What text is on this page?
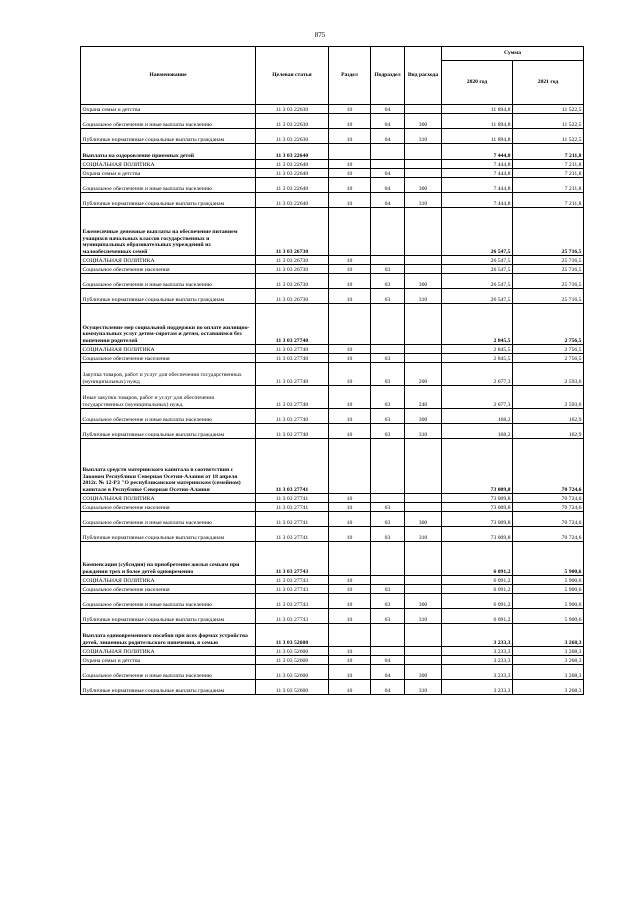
875
Наименование	Целевая статья	Раздел	Подраздел	Вид расхода	Сумма	
					2020 год	2021 год
Охрана семьи и детства	11 3 03 22630	10	04		11 894,8	11 522,5
Социальное обеспечение и иные выплаты населению	11 3 03 22630	10	04	300	11 894,8	11 522,5
Публичные нормативные социальные выплаты гражданам	11 3 03 22630	10	04	310	11 894,8	11 522,5
Выплаты на оздоровление приемных детей	11 3 03 22640				7 444,8	7 211,8
СОЦИАЛЬНАЯ ПОЛИТИКА	11 3 03 22640	10			7 444,8	7 211,8
Охрана семьи и детства	11 3 03 22640	10	04		7 444,8	7 211,8
Социальное обеспечение и иные выплаты населению	11 3 03 22640	10	04	300	7 444,8	7 211,8
Публичные нормативные социальные выплаты гражданам	11 3 03 22640	10	04	310	7 444,8	7 211,8
Ежемесячные денежные выплаты на обеспечение питанием учащихся начальных классов государственных и муниципальных образовательных учреждений из малообеспеченных семей	11 3 03 26730				26 547,5	25 716,5
СОЦИАЛЬНАЯ ПОЛИТИКА	11 3 03 26730	10			26 547,5	25 716,5
Социальное обеспечение населения	11 3 03 26730	10	03		26 547,5	25 716,5
Социальное обеспечение и иные выплаты населению	11 3 03 26730	10	03	300	26 547,5	25 716,5
Публичные нормативные социальные выплаты гражданам	11 3 03 26730	10	03	310	26 547,5	25 716,5
Осуществление мер социальной поддержки по оплате жилищно-коммунальных услуг детям-сиротам и детям, оставшимся без попечения родителей	11 3 03 27740				2 845,5	2 756,5
СОЦИАЛЬНАЯ ПОЛИТИКА	11 3 03 27740	10			2 845,5	2 756,5
Социальное обеспечение населения	11 3 03 27740	10	03		2 845,5	2 756,5
Закупка товаров, работ и услуг для обеспечения государственных (муниципальных) нужд	11 3 03 27740	10	03	200	2 677,3	2 593,6
Иные закупки товаров, работ и услуг для обеспечения государственных (муниципальных) нужд	11 3 03 27740	10	03	240	2 677,3	2 593,6
Социальное обеспечение и иные выплаты населению	11 3 03 27740	10	03	300	168,2	162,9
Публичные нормативные социальные выплаты гражданам	11 3 03 27740	10	03	310	168,2	162,9
Выплата средств материнского капитала в соответствии с Законом Республики Северная Осетия-Алания от 18 апреля 2012г. № 12-РЗ "О республиканском материнском (семейном) капитале в Республике Северная Осетия-Алания	11 3 03 27741				73 009,8	70 724,6
СОЦИАЛЬНАЯ ПОЛИТИКА	11 3 03 27741	10			73 009,8	70 724,6
Социальное обеспечение населения	11 3 03 27741	10	03		73 009,8	70 724,6
Социальное обеспечение и иные выплаты населению	11 3 03 27741	10	03	300	73 009,8	70 724,6
Публичные нормативные социальные выплаты гражданам	11 3 03 27741	10	03	310	73 009,8	70 724,6
Компенсация (субсидия) на приобретение жилья семьям при рождении трех и более детей одновременно	11 3 03 27743				6 091,2	5 900,6
СОЦИАЛЬНАЯ ПОЛИТИКА	11 3 03 27743	10			6 091,2	5 900,6
Социальное обеспечение населения	11 3 03 27743	10	03		6 091,2	5 900,6
Социальное обеспечение и иные выплаты населению	11 3 03 27743	10	03	300	6 091,2	5 900,6
Публичные нормативные социальные выплаты гражданам	11 3 03 27743	10	03	310	6 091,2	5 900,6
Выплата единовременного пособия при всех формах устройства детей, лишенных родительского попечения, в семью	11 3 03 52600				3 233,3	3 268,3
СОЦИАЛЬНАЯ ПОЛИТИКА	11 3 03 52600	10			3 233,3	3 268,3
Охрана семьи и детства	11 3 03 52600	10	04		3 233,3	3 268,3
Социальное обеспечение и иные выплаты населению	11 3 03 52600	10	04	300	3 233,3	3 268,3
Публичные нормативные социальные выплаты гражданам	11 3 03 52600	10	04	310	3 233,3	3 268,3
